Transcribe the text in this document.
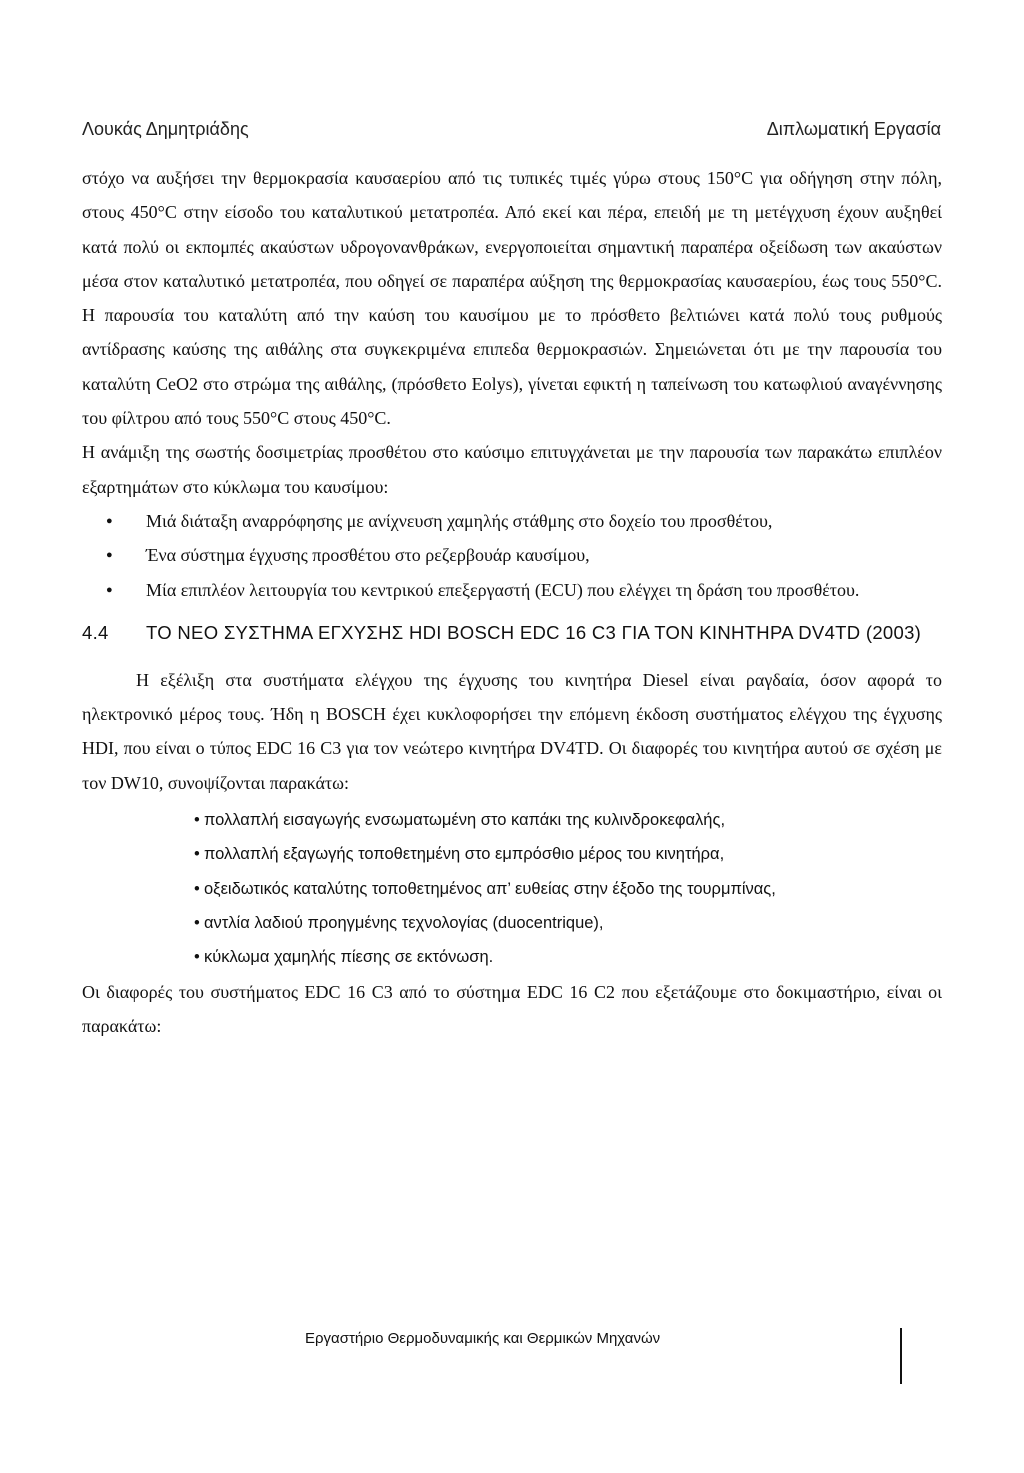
Λουκάς Δημητριάδης	Διπλωματική Εργασία

στόχο να αυξήσει την θερμοκρασία καυσαερίου από τις τυπικές τιμές γύρω στους 150°C για οδήγηση στην πόλη, στους 450°C στην είσοδο του καταλυτικού μετατροπέα. Από εκεί και πέρα, επειδή με τη μετέγχυση έχουν αυξηθεί κατά πολύ οι εκπομπές ακαύστων υδρογονανθράκων, ενεργοποιείται σημαντική παραπέρα οξείδωση των ακαύστων μέσα στον καταλυτικό μετατροπέα, που οδηγεί σε παραπέρα αύξηση της θερμοκρασίας καυσαερίου, έως τους 550°C. Η παρουσία του καταλύτη από την καύση του καυσίμου με το πρόσθετο βελτιώνει κατά πολύ τους ρυθμούς αντίδρασης καύσης της αιθάλης στα συγκεκριμένα επιπεδα θερμοκρασιών. Σημειώνεται ότι με την παρουσία του καταλύτη CeO2 στο στρώμα της αιθάλης, (πρόσθετο Eolys), γίνεται εφικτή η ταπείνωση του κατωφλιού αναγέννησης του φίλτρου από τους 550°C στους 450°C.

Η ανάμιξη της σωστής δοσιμετρίας προσθέτου στο καύσιμο επιτυγχάνεται με την παρουσία των παρακάτω επιπλέον εξαρτημάτων στο κύκλωμα του καυσίμου:

● Μιά διάταξη αναρρόφησης με ανίχνευση χαμηλής στάθμης στο δοχείο του προσθέτου,
● Ένα σύστημα έγχυσης προσθέτου στο ρεζερβουάρ καυσίμου,
● Μία επιπλέον λειτουργία του κεντρικού επεξεργαστή (ECU) που ελέγχει τη δράση του προσθέτου.
4.4 ΤΟ ΝΕΟ ΣΥΣΤΗΜΑ ΕΓΧΥΣΗΣ HDI BOSCH EDC 16 C3 ΓΙΑ ΤΟΝ ΚΙΝΗΤΗΡΑ DV4TD (2003)

Η εξέλιξη στα συστήματα ελέγχου της έγχυσης του κινητήρα Diesel είναι ραγδαία, όσον αφορά το ηλεκτρονικό μέρος τους. Ήδη η BOSCH έχει κυκλοφορήσει την επόμενη έκδοση συστήματος ελέγχου της έγχυσης HDI, που είναι ο τύπος EDC 16 C3 για τον νεώτερο κινητήρα DV4TD. Οι διαφορές του κινητήρα αυτού σε σχέση με τον DW10, συνοψίζονται παρακάτω:

• πολλαπλή εισαγωγής ενσωματωμένη στο καπάκι της κυλινδροκεφαλής,
• πολλαπλή εξαγωγής τοποθετημένη στο εμπρόσθιο μέρος του κινητήρα,
• οξειδωτικός καταλύτης τοποθετημένος απ’ ευθείας στην έξοδο της τουρμπίνας,
• αντλία λαδιού προηγμένης τεχνολογίας (duocentrique),
• κύκλωμα χαμηλής πίεσης σε εκτόνωση.

Οι διαφορές του συστήματος EDC 16 C3 από το σύστημα EDC 16 C2 που εξετάζουμε στο δοκιμαστήριο, είναι οι παρακάτω:

Εργαστήριο Θερμοδυναμικής και Θερμικών Μηχανών
